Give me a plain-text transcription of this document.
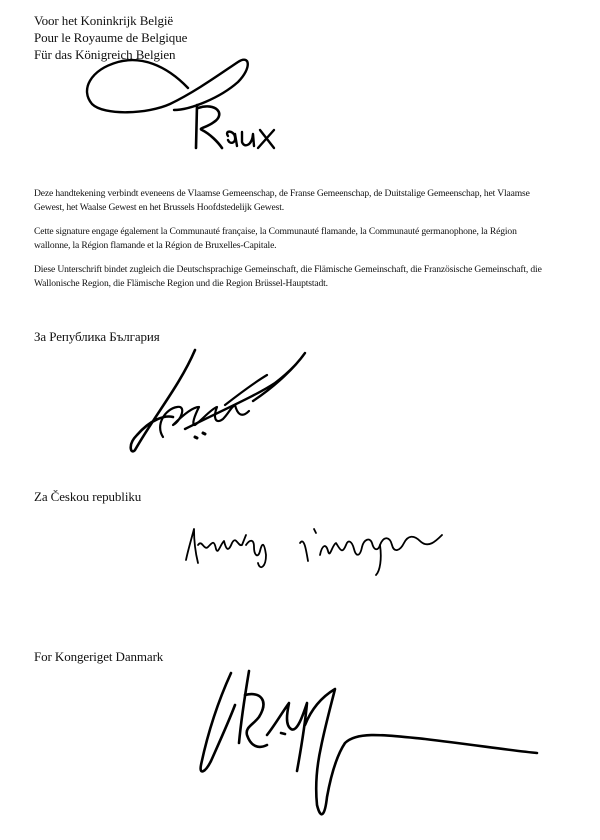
Voor het Koninkrijk België
Pour le Royaume de Belgique
Für das Königreich Belgien
Deze handtekening verbindt eveneens de Vlaamse Gemeenschap, de Franse Gemeenschap, de Duitstalige Gemeenschap, het Vlaamse Gewest, het Waalse Gewest en het Brussels Hoofdstedelijk Gewest.
Cette signature engage également la Communauté française, la Communauté flamande, la Communauté germanophone, la Région wallonne, la Région flamande et la Région de Bruxelles-Capitale.
Diese Unterschrift bindet zugleich die Deutschsprachige Gemeinschaft, die Flämische Gemeinschaft, die Französische Gemeinschaft, die Wallonische Region, die Flämische Region und die Region Brüssel-Hauptstadt.
За Република България
Za Českou republiku
For Kongeriget Danmark
